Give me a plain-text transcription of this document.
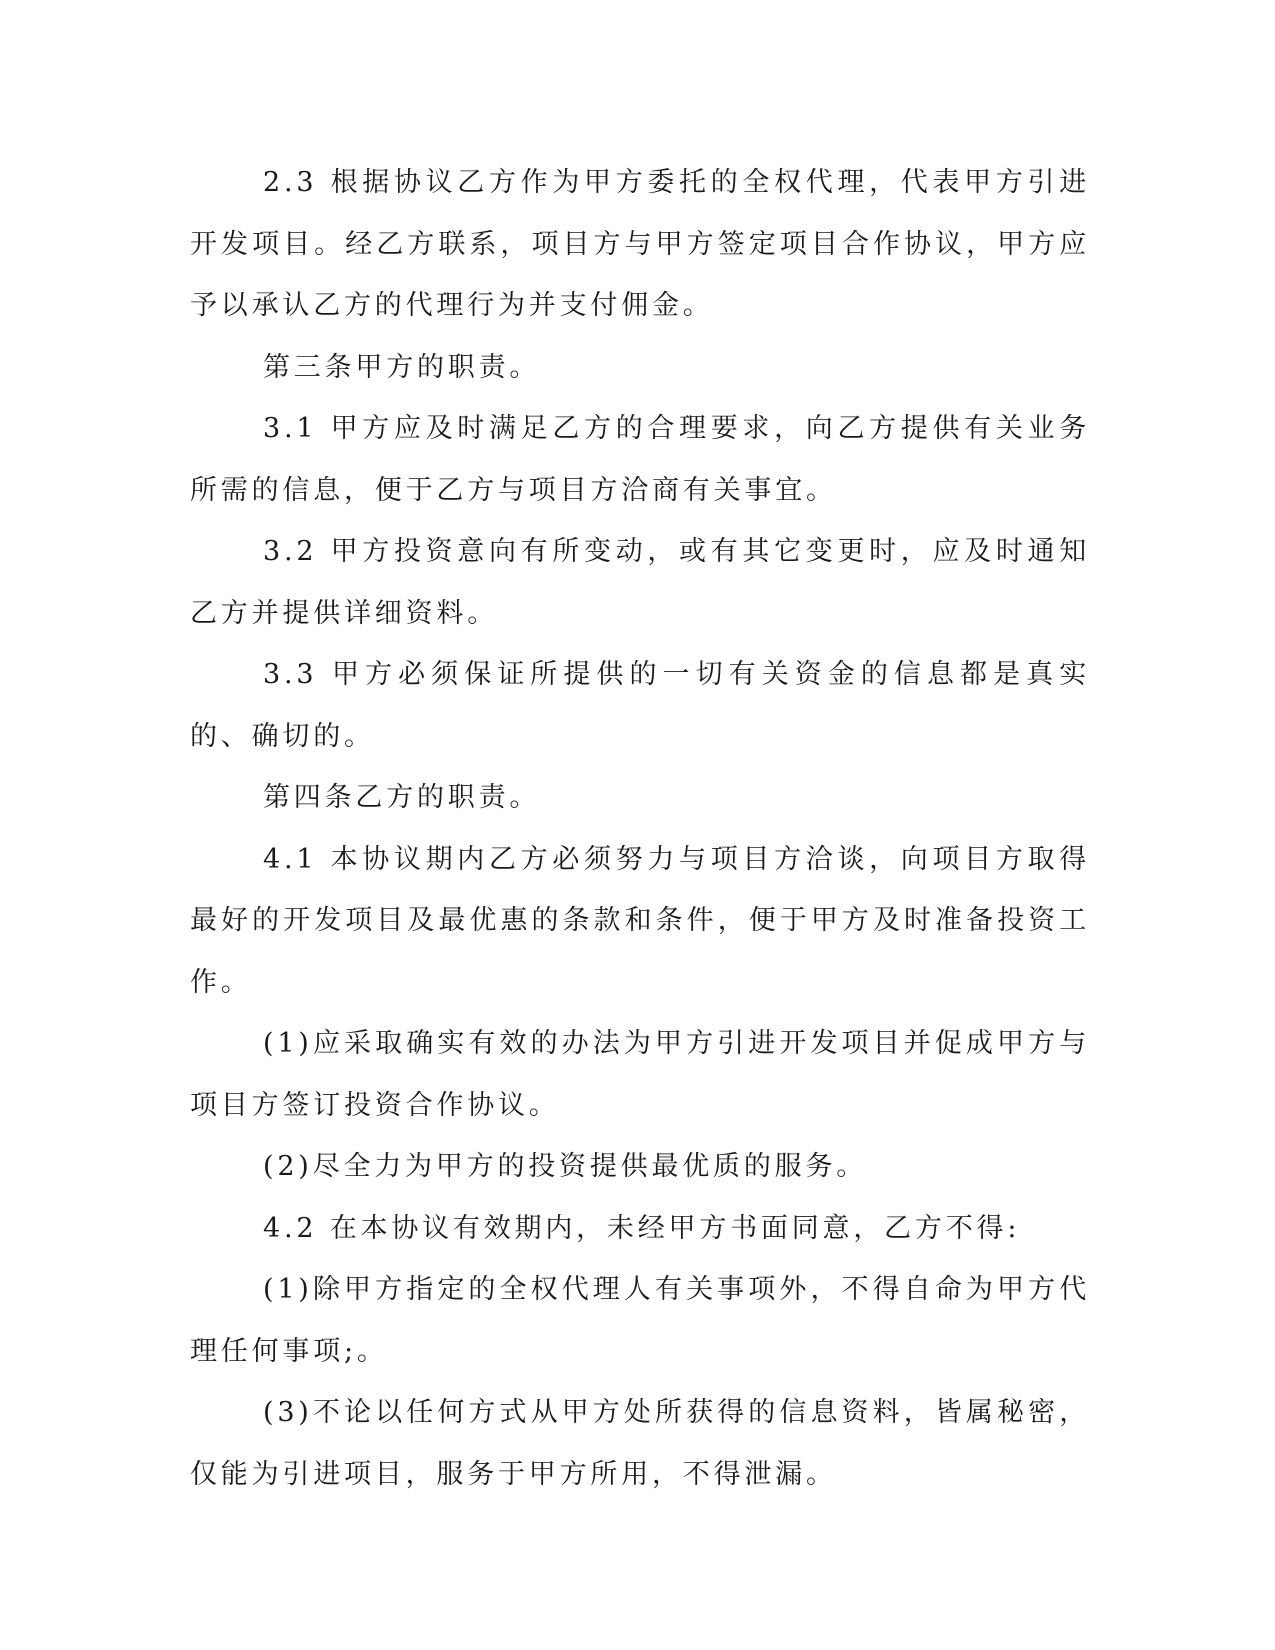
2.3 根据协议乙方作为甲方委托的全权代理，代表甲方引进开发项目。经乙方联系，项目方与甲方签定项目合作协议，甲方应予以承认乙方的代理行为并支付佣金。

第三条甲方的职责。

3.1 甲方应及时满足乙方的合理要求，向乙方提供有关业务所需的信息，便于乙方与项目方洽商有关事宜。

3.2 甲方投资意向有所变动，或有其它变更时，应及时通知乙方并提供详细资料。

3.3 甲方必须保证所提供的一切有关资金的信息都是真实的、确切的。

第四条乙方的职责。

4.1 本协议期内乙方必须努力与项目方洽谈，向项目方取得最好的开发项目及最优惠的条款和条件，便于甲方及时准备投资工作。

(1)应采取确实有效的办法为甲方引进开发项目并促成甲方与项目方签订投资合作协议。

(2)尽全力为甲方的投资提供最优质的服务。

4.2 在本协议有效期内，未经甲方书面同意，乙方不得:

(1)除甲方指定的全权代理人有关事项外，不得自命为甲方代理任何事项;。

(3)不论以任何方式从甲方处所获得的信息资料，皆属秘密，仅能为引进项目，服务于甲方所用，不得泄漏。
